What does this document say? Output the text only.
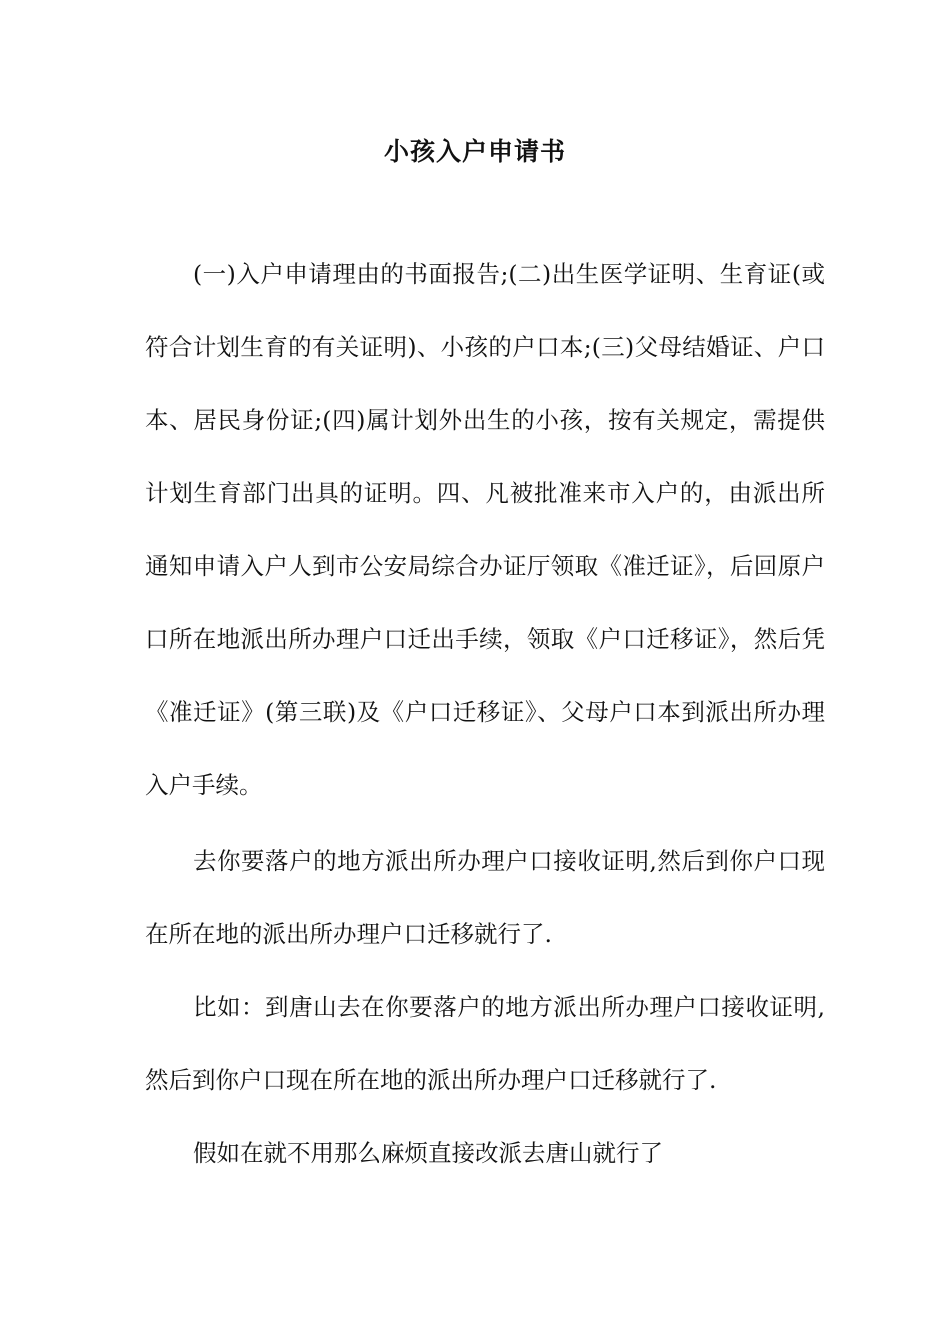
小孩入户申请书

(一)入户申请理由的书面报告;(二)出生医学证明、生育证(或符合计划生育的有关证明)、小孩的户口本;(三)父母结婚证、户口本、居民身份证;(四)属计划外出生的小孩，按有关规定，需提供计划生育部门出具的证明。四、凡被批准来市入户的，由派出所通知申请入户人到市公安局综合办证厅领取《准迁证》，后回原户口所在地派出所办理户口迁出手续，领取《户口迁移证》，然后凭《准迁证》(第三联)及《户口迁移证》、父母户口本到派出所办理入户手续。

去你要落户的地方派出所办理户口接收证明,然后到你户口现在所在地的派出所办理户口迁移就行了.

比如：到唐山去在你要落户的地方派出所办理户口接收证明,然后到你户口现在所在地的派出所办理户口迁移就行了.

假如在就不用那么麻烦直接改派去唐山就行了
